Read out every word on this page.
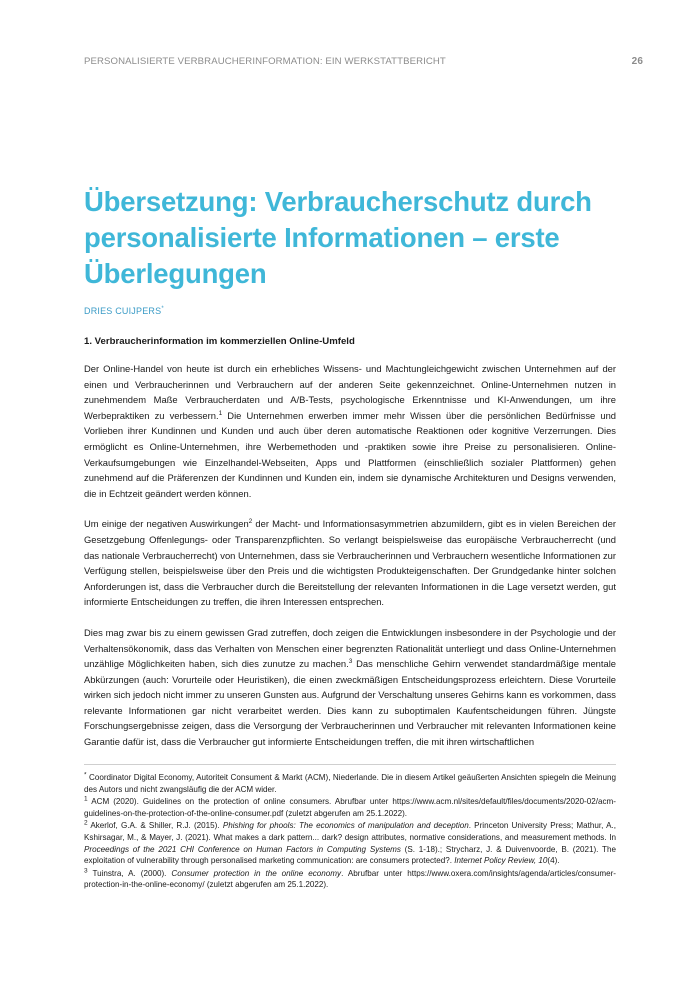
PERSONALISIERTE VERBRAUCHERINFORMATION: EIN WERKSTATTBERICHT	26
Übersetzung: Verbraucherschutz durch personalisierte Informationen – erste Überlegungen
DRIES CUIJPERS*
1. Verbraucherinformation im kommerziellen Online-Umfeld

Der Online-Handel von heute ist durch ein erhebliches Wissens- und Machtungleichgewicht zwischen Unternehmen auf der einen und Verbraucherinnen und Verbrauchern auf der anderen Seite gekennzeichnet. Online-Unternehmen nutzen in zunehmendem Maße Verbraucherdaten und A/B-Tests, psychologische Erkenntnisse und KI-Anwendungen, um ihre Werbepraktiken zu verbessern.$^1$ Die Unternehmen erwerben immer mehr Wissen über die persönlichen Bedürfnisse und Vorlieben ihrer Kundinnen und Kunden und auch über deren automatische Reaktionen oder kognitive Verzerrungen. Dies ermöglicht es Online-Unternehmen, ihre Werbemethoden und -praktiken sowie ihre Preise zu personalisieren. Online-Verkaufsumgebungen wie Einzelhandel-Webseiten, Apps und Plattformen (einschließlich sozialer Plattformen) gehen zunehmend auf die Präferenzen der Kundinnen und Kunden ein, indem sie dynamische Architekturen und Designs verwenden, die in Echtzeit geändert werden können.

Um einige der negativen Auswirkungen$^2$ der Macht- und Informationsasymmetrien abzumildern, gibt es in vielen Bereichen der Gesetzgebung Offenlegungs- oder Transparenzpflichten. So verlangt beispielsweise das europäische Verbraucherrecht (und das nationale Verbraucherrecht) von Unternehmen, dass sie Verbraucherinnen und Verbrauchern wesentliche Informationen zur Verfügung stellen, beispielsweise über den Preis und die wichtigsten Produkteigenschaften. Der Grundgedanke hinter solchen Anforderungen ist, dass die Verbraucher durch die Bereitstellung der relevanten Informationen in die Lage versetzt werden, gut informierte Entscheidungen zu treffen, die ihren Interessen entsprechen.

Dies mag zwar bis zu einem gewissen Grad zutreffen, doch zeigen die Entwicklungen insbesondere in der Psychologie und der Verhaltensökonomik, dass das Verhalten von Menschen einer begrenzten Rationalität unterliegt und dass Online-Unternehmen unzählige Möglichkeiten haben, sich dies zunutze zu machen.$^3$ Das menschliche Gehirn verwendet standardmäßige mentale Abkürzungen (auch: Vorurteile oder Heuristiken), die einen zweckmäßigen Entscheidungsprozess erleichtern. Diese Vorurteile wirken sich jedoch nicht immer zu unseren Gunsten aus. Aufgrund der Verschaltung unseres Gehirns kann es vorkommen, dass relevante Informationen gar nicht verarbeitet werden. Dies kann zu suboptimalen Kaufentscheidungen führen. Jüngste Forschungsergebnisse zeigen, dass die Versorgung der Verbraucherinnen und Verbraucher mit relevanten Informationen keine Garantie dafür ist, dass die Verbraucher gut informierte Entscheidungen treffen, die mit ihren wirtschaftlichen

* Coordinator Digital Economy, Autoriteit Consument & Markt (ACM), Niederlande. Die in diesem Artikel geäußerten Ansichten spiegeln die Meinung des Autors und nicht zwangsläufig die der ACM wider.

$^1$ ACM (2020). Guidelines on the protection of online consumers. Abrufbar unter https://www.acm.nl/sites/default/files/documents/2020-02/acm-guidelines-on-the-protection-of-the-online-consumer.pdf (zuletzt abgerufen am 25.1.2022).

$^2$ Akerlof, G.A. & Shiller, R.J. (2015). Phishing for phools: The economics of manipulation and deception. Princeton University Press; Mathur, A., Kshirsagar, M., & Mayer, J. (2021). What makes a dark pattern... dark? design attributes, normative considerations, and measurement methods. In Proceedings of the 2021 CHI Conference on Human Factors in Computing Systems (S. 1-18).; Strycharz, J. & Duivenvoorde, B. (2021). The exploitation of vulnerability through personalised marketing communication: are consumers protected?. Internet Policy Review, 10(4).

$^3$ Tuinstra, A. (2000). Consumer protection in the online economy. Abrufbar unter https://www.oxera.com/insights/agenda/articles/consumer-protection-in-the-online-economy/ (zuletzt abgerufen am 25.1.2022).
